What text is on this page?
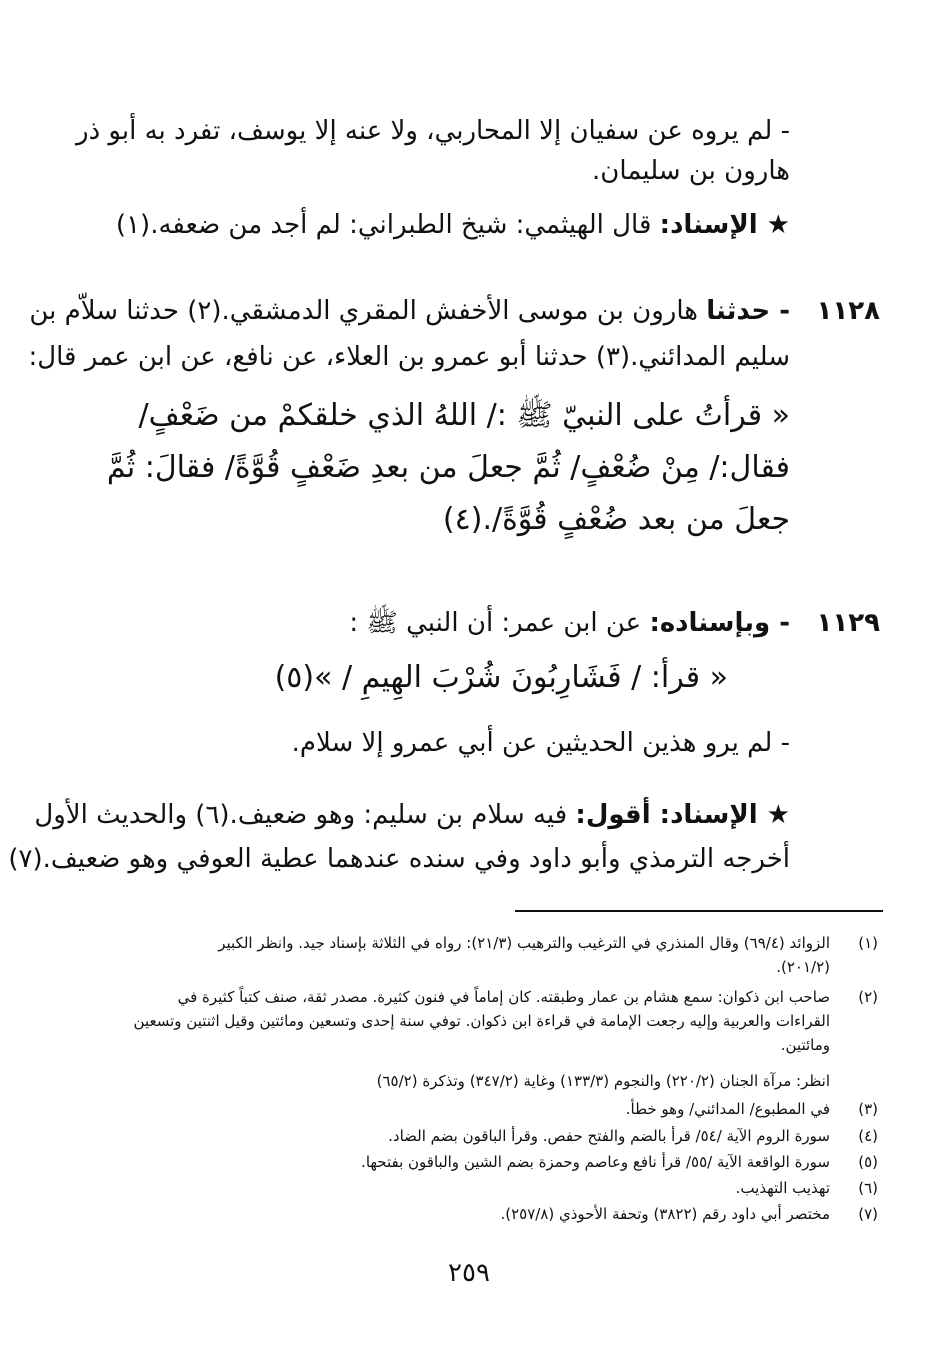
- لم يروه عن سفيان إلا المحاربي، ولا عنه إلا يوسف، تفرد به أبو ذر
هارون بن سليمان.
★ الإسناد: قال الهيثمي: شيخ الطبراني: لم أجد من ضعفه.(١)
١١٢٨
- حدثنا هارون بن موسى الأخفش المقري الدمشقي.(٢) حدثنا سلاّم بن
سليم المدائني.(٣) حدثنا أبو عمرو بن العلاء، عن نافع، عن ابن عمر قال:
« قرأتُ على النبيّ ﷺ :/ اللهُ الذي خلقكمْ من ضَعْفٍ/
فقال:/ مِنْ ضُعْفٍ/ ثُمَّ جعلَ من بعدِ ضَعْفٍ قُوَّةً/ فقالَ: ثُمَّ
جعلَ من بعد ضُعْفٍ قُوَّةً/.(٤)
١١٢٩
- وبإسناده: عن ابن عمر: أن النبي ﷺ :
« قرأ: / فَشَارِبُونَ شُرْبَ الهِيمِ / »(٥)
- لم يرو هذين الحديثين عن أبي عمرو إلا سلام.
★ الإسناد: أقول: فيه سلام بن سليم: وهو ضعيف.(٦) والحديث الأول
أخرجه الترمذي وأبو داود وفي سنده عندهما عطية العوفي وهو ضعيف.(٧)
(١)
الزوائد (٦٩/٤) وقال المنذري في الترغيب والترهيب (٢١/٣): رواه في الثلاثة بإسناد جيد. وانظر الكبير
(٢٠١/٢).
(٢)
صاحب ابن ذكوان: سمع هشام بن عمار وطبقته. كان إماماً في فنون كثيرة. مصدر ثقة، صنف كتباً كثيرة في
القراءات والعربية وإليه رجعت الإمامة في قراءة ابن ذكوان. توفي سنة إحدى وتسعين ومائتين وقيل اثنتين وتسعين
ومائتين.
انظر: مرآة الجنان (٢٢٠/٢) والنجوم (١٣٣/٣) وغاية (٣٤٧/٢) وتذكرة (٦٥/٢)
(٣)
في المطبوع/ المدائني/ وهو خطأ.
(٤)
سورة الروم الآية /٥٤/ قرأ بالضم والفتح حفص. وقرأ الباقون بضم الضاد.
(٥)
سورة الواقعة الآية /٥٥/ قرأ نافع وعاصم وحمزة بضم الشين والباقون بفتحها.
(٦)
تهذيب التهذيب.
(٧)
مختصر أبي داود رقم (٣٨٢٢) وتحفة الأحوذي (٢٥٧/٨).
٢٥٩
